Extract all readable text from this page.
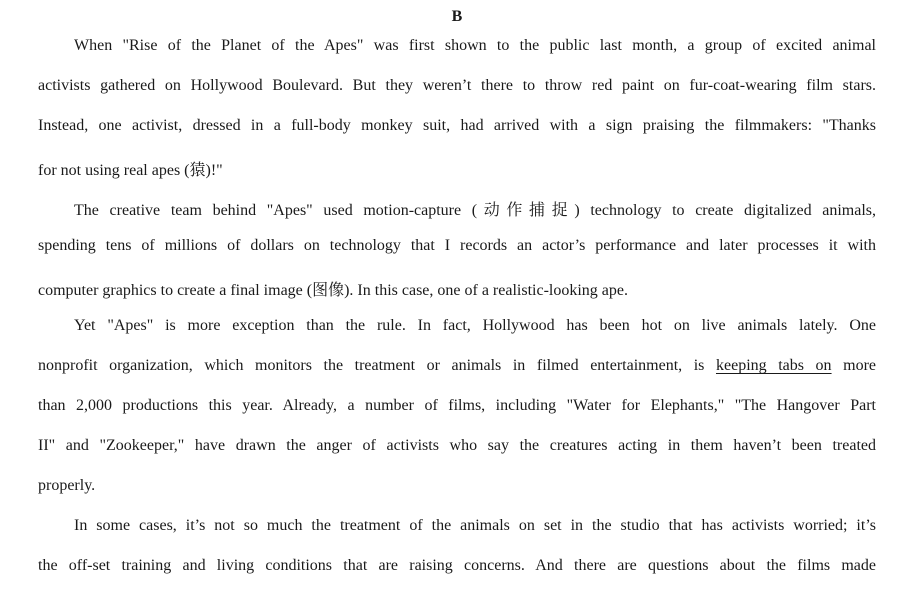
B
When "Rise of the Planet of the Apes" was first shown to the public last month, a group of excited animal
activists gathered on Hollywood Boulevard. But they weren’t there to throw red paint on fur-coat-wearing film stars.
Instead, one activist, dressed in a full-body monkey suit, had arrived with a sign praising the filmmakers: "Thanks
for not using real apes (猿)!"
The creative team behind "Apes" used motion-capture (动作捕捉) technology to create digitalized animals,
spending tens of millions of dollars on technology that I records an actor’s performance and later processes it with
computer graphics to create a final image (图像). In this case, one of a realistic-looking ape.
Yet "Apes" is more exception than the rule. In fact, Hollywood has been hot on live animals lately. One
nonprofit organization, which monitors the treatment or animals in filmed entertainment, is keeping tabs on more
than 2,000 productions this year. Already, a number of films, including "Water for Elephants," "The Hangover Part
II" and "Zookeeper," have drawn the anger of activists who say the creatures acting in them haven’t been treated
properly.
In some cases, it’s not so much the treatment of the animals on set in the studio that has activists worried; it’s
the off-set training and living conditions that are raising concerns. And there are questions about the films made
